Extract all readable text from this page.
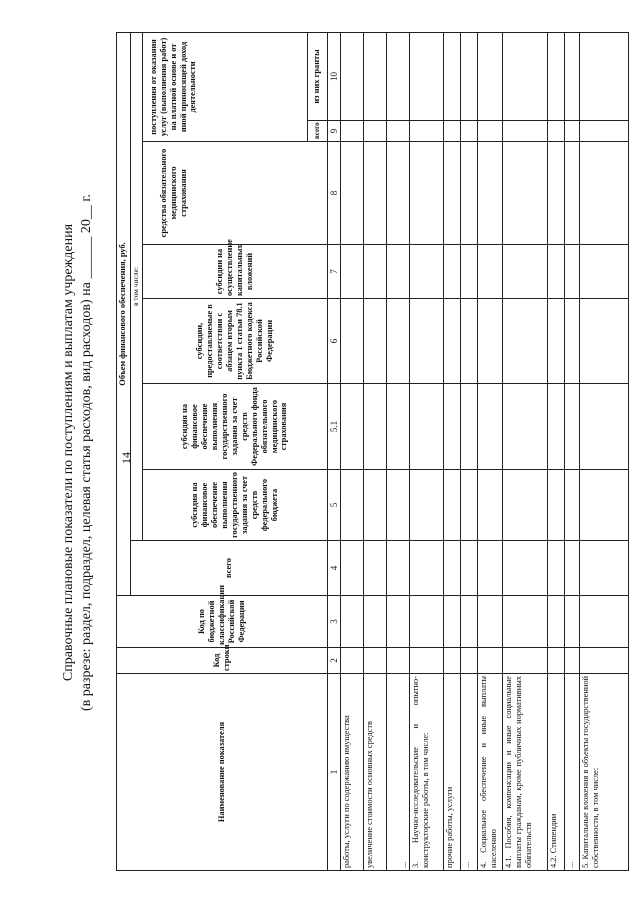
14
Справочные плановые показатели по поступлениям и выплатам учреждения (в разрезе: раздел, подраздел, целевая статья расходов, вид расходов) на ______ 20__ г.
Наименование показателя	Код строки	Код по бюджетной классификации Российской Федерации	Объем финансового обеспечения, руб.							
			всего	в том числе:						
				субсидия на финансовое обеспечение выполнения государственного задания за счет средств федерального бюджета	субсидия на финансовое обеспечение выполнения государственного задания за счет средств Федерального фонда обязательного медицинского страхования	субсидии, предоставляемые в соответствии с абзацем вторым пункта 1 статьи 78.1 Бюджетного кодекса Российской Федерации	субсидии на осуществление капитальных вложений	средства обязательного медицинского страхования	поступления от оказания услуг (выполнения работ) на платной основе и от иной приносящей доход деятельности	
									всего	из них гранты
1	2	3	4	5	5.1	6	7	8	9	10
работы, услуги по содержанию имущества										
увеличение стоимости основных средств										
...										
3. Научно-исследовательские и опытно-конструкторские работы, в том числе:										
прочие работы, услуги										
...										
4. Социальное обеспечение и иные выплаты населению										
4.1. Пособия, компенсации и иные социальные выплаты гражданам, кроме публичных нормативных обязательств										
4.2. Стипендии										
...										
5. Капитальные вложения в объекты государственной собственности, в том числе:										
